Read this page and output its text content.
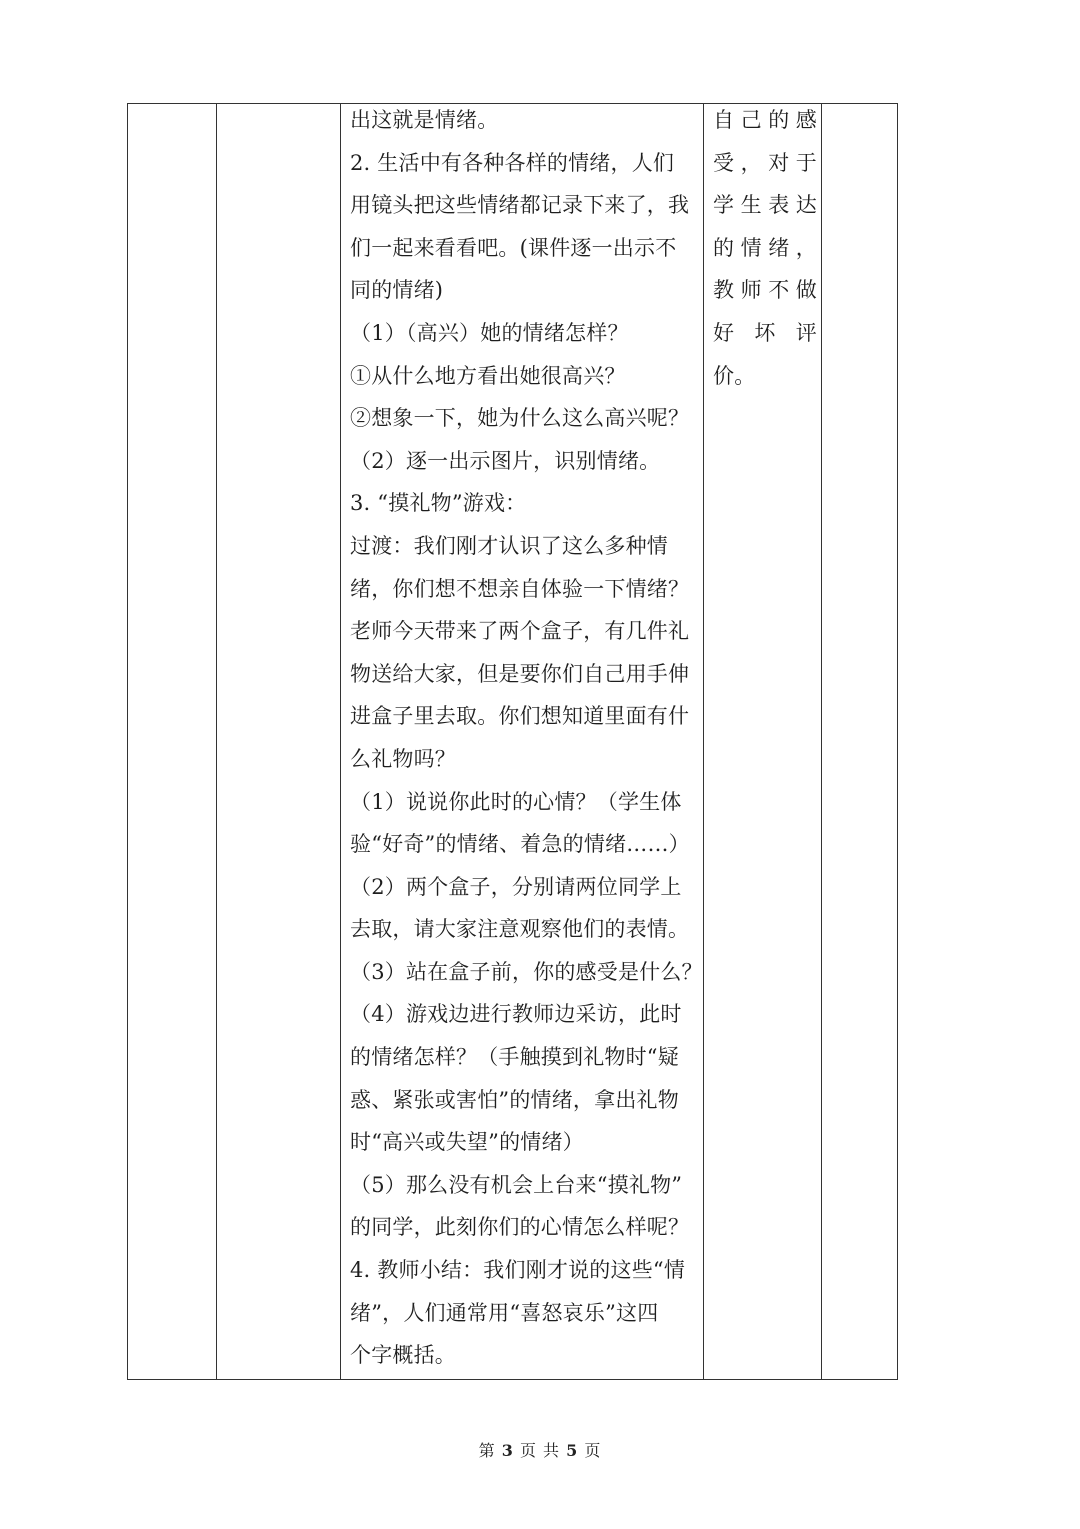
出这就是情绪。
2. 生活中有各种各样的情绪，人们
用镜头把这些情绪都记录下来了，我
们一起来看看吧。(课件逐一出示不
同的情绪)
（1）（高兴）她的情绪怎样？
①从什么地方看出她很高兴？
②想象一下，她为什么这么高兴呢？
（2）逐一出示图片，识别情绪。
3. “摸礼物”游戏：
过渡：我们刚才认识了这么多种情
绪，你们想不想亲自体验一下情绪？
老师今天带来了两个盒子，有几件礼
物送给大家，但是要你们自己用手伸
进盒子里去取。你们想知道里面有什
么礼物吗？
（1）说说你此时的心情？（学生体
验“好奇”的情绪、着急的情绪……）
（2）两个盒子，分别请两位同学上
去取，请大家注意观察他们的表情。
（3）站在盒子前，你的感受是什么？
（4）游戏边进行教师边采访，此时
的情绪怎样？（手触摸到礼物时“疑
惑、紧张或害怕”的情绪，拿出礼物
时“高兴或失望”的情绪）
（5）那么没有机会上台来“摸礼物”
的同学，此刻你们的心情怎么样呢？
4. 教师小结：我们刚才说的这些“情
绪”，人们通常用“喜怒哀乐”这四
个字概括。
自己的感
受，对于
学生表达
的情绪，
教师不做
好坏评
价。
第 3 页 共 5 页
